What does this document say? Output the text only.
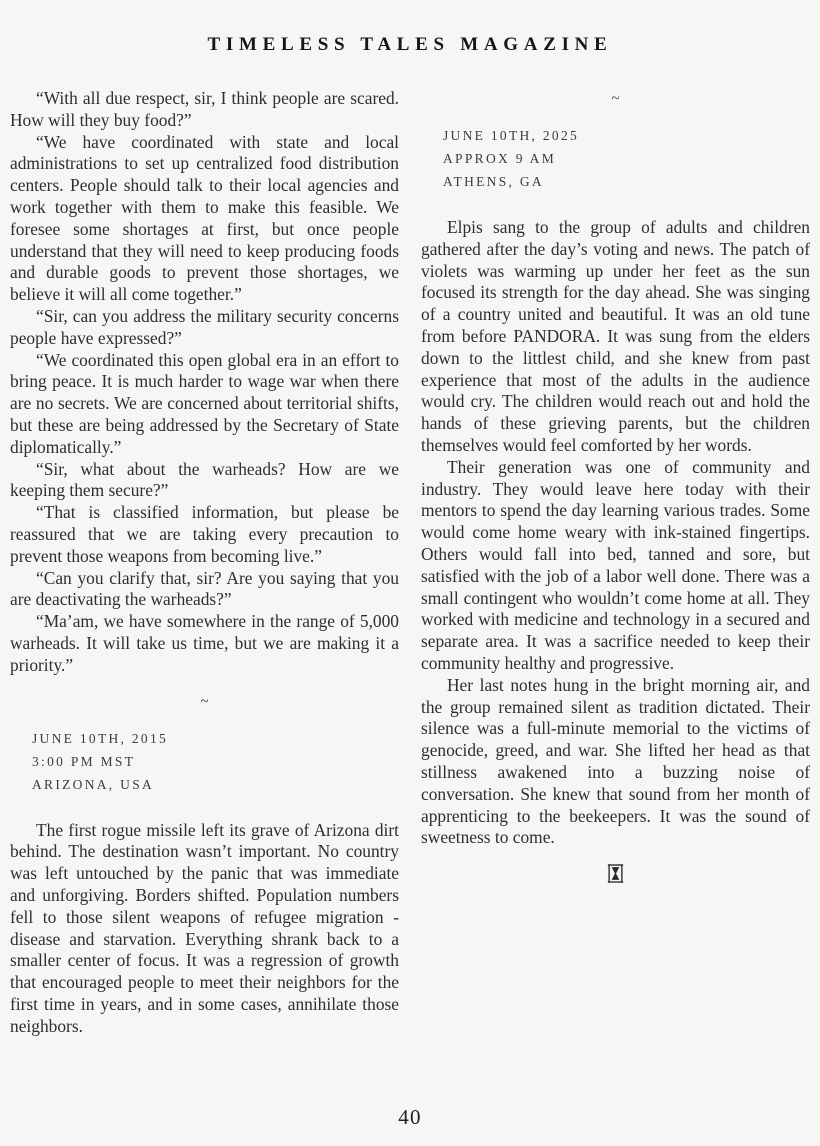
TIMELESS TALES MAGAZINE

“With all due respect, sir, I think people are scared. How will they buy food?”

“We have coordinated with state and local administrations to set up centralized food distribution centers. People should talk to their local agencies and work together with them to make this feasible. We foresee some shortages at first, but once people understand that they will need to keep producing foods and durable goods to prevent those shortages, we believe it will all come together.”

“Sir, can you address the military security concerns people have expressed?”

“We coordinated this open global era in an effort to bring peace. It is much harder to wage war when there are no secrets. We are concerned about territorial shifts, but these are being addressed by the Secretary of State diplomatically.”

“Sir, what about the warheads? How are we keeping them secure?”

“That is classified information, but please be reassured that we are taking every precaution to prevent those weapons from becoming live.”

“Can you clarify that, sir? Are you saying that you are deactivating the warheads?”

“Ma’am, we have somewhere in the range of 5,000 warheads. It will take us time, but we are making it a priority.”

~
JUNE 10TH, 2015
3:00 PM MST
ARIZONA, USA

The first rogue missile left its grave of Arizona dirt behind. The destination wasn’t important. No country was left untouched by the panic that was immediate and unforgiving. Borders shifted. Population numbers fell to those silent weapons of refugee migration - disease and starvation. Everything shrank back to a smaller center of focus. It was a regression of growth that encouraged people to meet their neighbors for the first time in years, and in some cases, annihilate those neighbors.

~
JUNE 10TH, 2025
APPROX 9 AM
ATHENS, GA

Elpis sang to the group of adults and children gathered after the day’s voting and news. The patch of violets was warming up under her feet as the sun focused its strength for the day ahead. She was singing of a country united and beautiful. It was an old tune from before PANDORA. It was sung from the elders down to the littlest child, and she knew from past experience that most of the adults in the audience would cry. The children would reach out and hold the hands of these grieving parents, but the children themselves would feel comforted by her words.

Their generation was one of community and industry. They would leave here today with their mentors to spend the day learning various trades. Some would come home weary with ink-stained fingertips. Others would fall into bed, tanned and sore, but satisfied with the job of a labor well done. There was a small contingent who wouldn’t come home at all. They worked with medicine and technology in a secured and separate area. It was a sacrifice needed to keep their community healthy and progressive.

Her last notes hung in the bright morning air, and the group remained silent as tradition dictated. Their silence was a full-minute memorial to the victims of genocide, greed, and war. She lifted her head as that stillness awakened into a buzzing noise of conversation. She knew that sound from her month of apprenticing to the beekeepers. It was the sound of sweetness to come.

40
